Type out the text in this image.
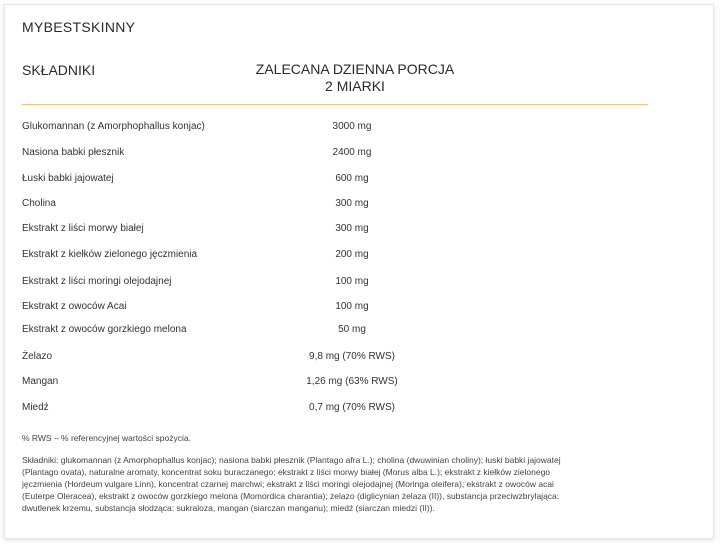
MYBESTSKINNY
SKŁADNIKI	ZALECANA DZIENNA PORCJA
2 MIARKI
Glukomannan (z Amorphophallus konjac)	3000 mg
Nasiona babki płesznik	2400 mg
Łuski babki jajowatej	600 mg
Cholina	300 mg
Ekstrakt z liści morwy białej	300 mg
Ekstrakt z kiełków zielonego jęczmienia	200 mg
Ekstrakt z liści moringi olejodajnej	100 mg
Ekstrakt z owoców Acai	100 mg
Ekstrakt z owoców gorzkiego melona	50 mg
Żelazo	9,8 mg (70% RWS)
Mangan	1,26 mg (63% RWS)
Miedź	0,7 mg (70% RWS)
% RWS – % referencyjnej wartości spożycia.
Składniki: glukomannan (z Amorphophallus konjac); nasiona babki płesznik (Plantago afra L.); cholina (dwuwinian choliny); łuski babki jajowatej
(Plantago ovata), naturalne aromaty, koncentrat soku buraczanego; ekstrakt z liści morwy białej (Morus alba L.); ekstrakt z kiełków zielonego
jęczmienia (Hordeum vulgare Linn), koncentrat czarnej marchwi; ekstrakt z liści moringi olejodajnej (Moringa oleifera); ekstrakt z owoców acai
(Euterpe Oleracea), ekstrakt z owoców gorzkiego melona (Momordica charantia); żelazo (diglicynian żelaza (II)), substancja przeciwzbrylająca:
dwutlenek krzemu, substancja słodząca: sukraloza, mangan (siarczan manganu); miedź (siarczan miedzi (II)).
